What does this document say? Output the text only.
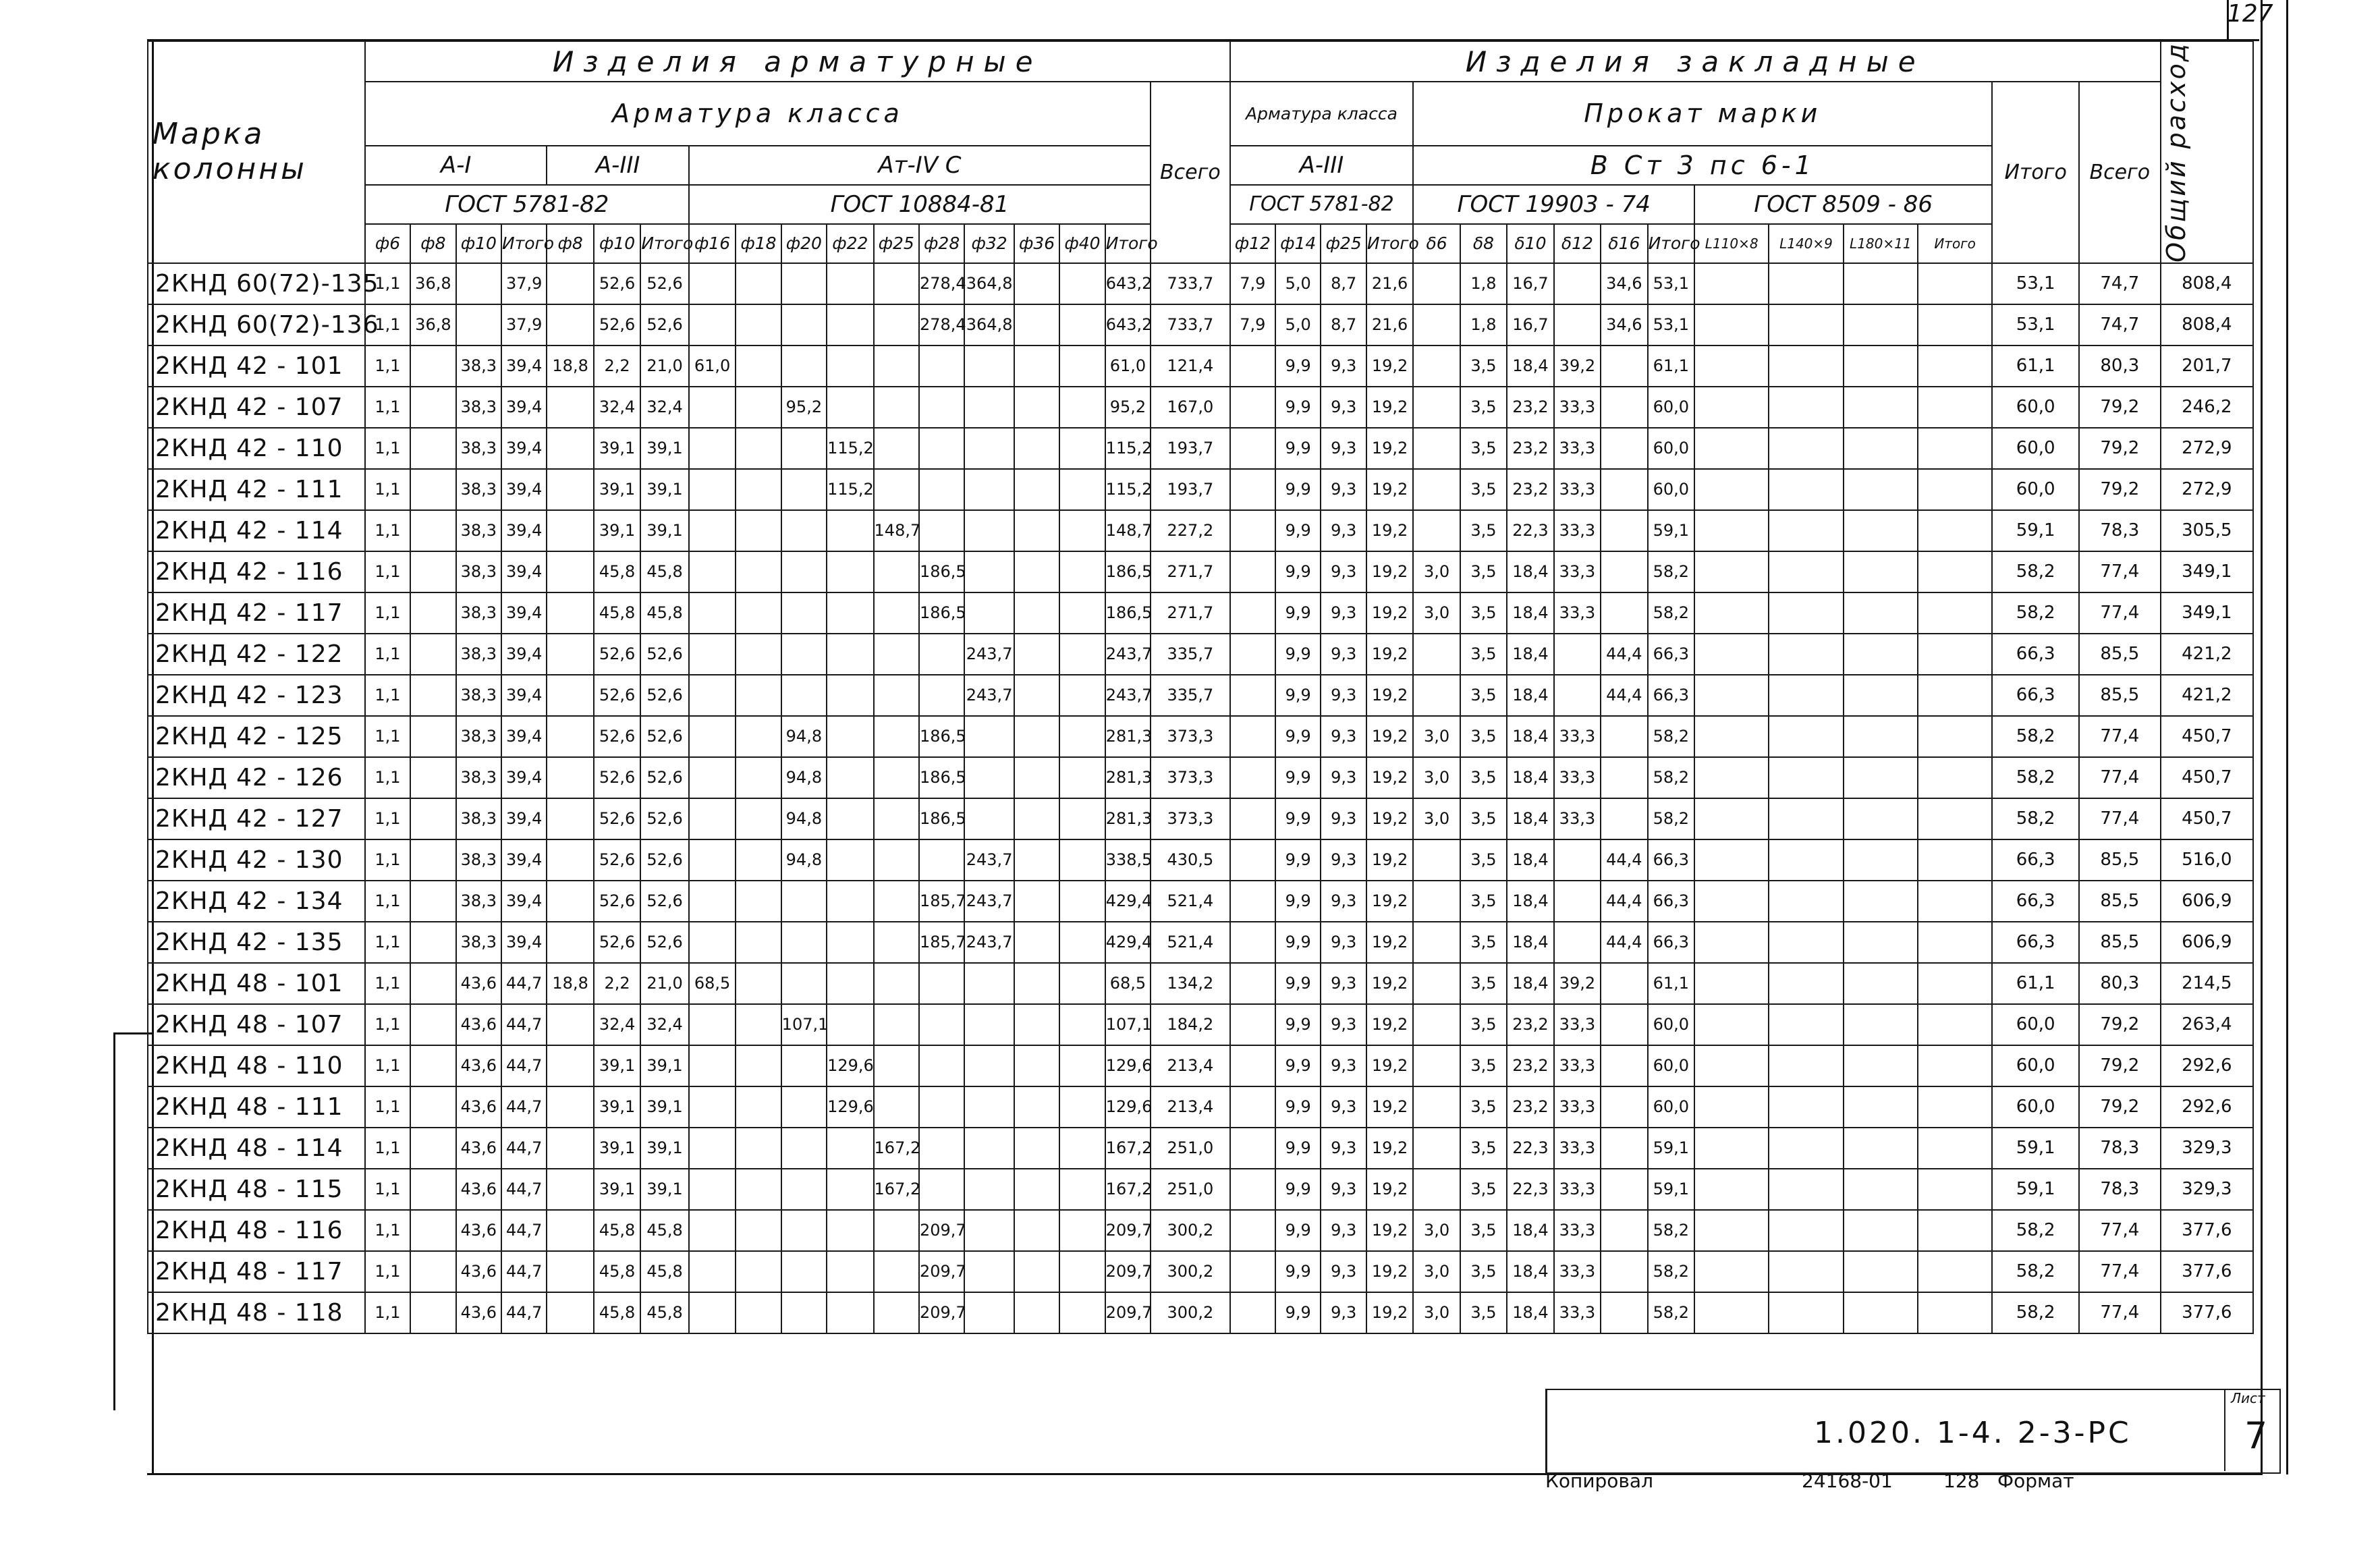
127
Марка колонны	Изделия арматурные																		Изделия закладные																Общий расход

	Арматура класса																	Всего	Арматура класса				Прокат марки										Итого	Всего	
	A-I				A-III			Ат-IV С											A-III				В Ст 3 пс 6-1												
	ГОСТ 5781-82							ГОСТ 10884-81											ГОСТ 5781-82				ГОСТ 19903 - 74						ГОСТ 8509 - 86						
	ф6	ф8	ф10	Итого	ф8	ф10	Итого	ф16	ф18	ф20	ф22	ф25	ф28	ф32	ф36	ф40	Итого		ф12	ф14	ф25	Итого	δ6	δ8	δ10	δ12	δ16	Итого	L110×8	L140×9	L180×11	Итого			
2КНД 60(72)-135	1,1	36,8		37,9		52,6	52,6						278,4	364,8			643,2	733,7	7,9	5,0	8,7	21,6		1,8	16,7		34,6	53,1					53,1	74,7	808,4
2КНД 60(72)-136	1,1	36,8		37,9		52,6	52,6						278,4	364,8			643,2	733,7	7,9	5,0	8,7	21,6		1,8	16,7		34,6	53,1					53,1	74,7	808,4
2КНД 42 - 101	1,1		38,3	39,4	18,8	2,2	21,0	61,0									61,0	121,4		9,9	9,3	19,2		3,5	18,4	39,2		61,1					61,1	80,3	201,7
2КНД 42 - 107	1,1		38,3	39,4		32,4	32,4			95,2							95,2	167,0		9,9	9,3	19,2		3,5	23,2	33,3		60,0					60,0	79,2	246,2
2КНД 42 - 110	1,1		38,3	39,4		39,1	39,1				115,2						115,2	193,7		9,9	9,3	19,2		3,5	23,2	33,3		60,0					60,0	79,2	272,9
2КНД 42 - 111	1,1		38,3	39,4		39,1	39,1				115,2						115,2	193,7		9,9	9,3	19,2		3,5	23,2	33,3		60,0					60,0	79,2	272,9
2КНД 42 - 114	1,1		38,3	39,4		39,1	39,1					148,7					148,7	227,2		9,9	9,3	19,2		3,5	22,3	33,3		59,1					59,1	78,3	305,5
2КНД 42 - 116	1,1		38,3	39,4		45,8	45,8						186,5				186,5	271,7		9,9	9,3	19,2	3,0	3,5	18,4	33,3		58,2					58,2	77,4	349,1
2КНД 42 - 117	1,1		38,3	39,4		45,8	45,8						186,5				186,5	271,7		9,9	9,3	19,2	3,0	3,5	18,4	33,3		58,2					58,2	77,4	349,1
2КНД 42 - 122	1,1		38,3	39,4		52,6	52,6							243,7			243,7	335,7		9,9	9,3	19,2		3,5	18,4		44,4	66,3					66,3	85,5	421,2
2КНД 42 - 123	1,1		38,3	39,4		52,6	52,6							243,7			243,7	335,7		9,9	9,3	19,2		3,5	18,4		44,4	66,3					66,3	85,5	421,2
2КНД 42 - 125	1,1		38,3	39,4		52,6	52,6			94,8			186,5				281,3	373,3		9,9	9,3	19,2	3,0	3,5	18,4	33,3		58,2					58,2	77,4	450,7
2КНД 42 - 126	1,1		38,3	39,4		52,6	52,6			94,8			186,5				281,3	373,3		9,9	9,3	19,2	3,0	3,5	18,4	33,3		58,2					58,2	77,4	450,7
2КНД 42 - 127	1,1		38,3	39,4		52,6	52,6			94,8			186,5				281,3	373,3		9,9	9,3	19,2	3,0	3,5	18,4	33,3		58,2					58,2	77,4	450,7
2КНД 42 - 130	1,1		38,3	39,4		52,6	52,6			94,8				243,7			338,5	430,5		9,9	9,3	19,2		3,5	18,4		44,4	66,3					66,3	85,5	516,0
2КНД 42 - 134	1,1		38,3	39,4		52,6	52,6						185,7	243,7			429,4	521,4		9,9	9,3	19,2		3,5	18,4		44,4	66,3					66,3	85,5	606,9
2КНД 42 - 135	1,1		38,3	39,4		52,6	52,6						185,7	243,7			429,4	521,4		9,9	9,3	19,2		3,5	18,4		44,4	66,3					66,3	85,5	606,9
2КНД 48 - 101	1,1		43,6	44,7	18,8	2,2	21,0	68,5									68,5	134,2		9,9	9,3	19,2		3,5	18,4	39,2		61,1					61,1	80,3	214,5
2КНД 48 - 107	1,1		43,6	44,7		32,4	32,4			107,1							107,1	184,2		9,9	9,3	19,2		3,5	23,2	33,3		60,0					60,0	79,2	263,4
2КНД 48 - 110	1,1		43,6	44,7		39,1	39,1				129,6						129,6	213,4		9,9	9,3	19,2		3,5	23,2	33,3		60,0					60,0	79,2	292,6
2КНД 48 - 111	1,1		43,6	44,7		39,1	39,1				129,6						129,6	213,4		9,9	9,3	19,2		3,5	23,2	33,3		60,0					60,0	79,2	292,6
2КНД 48 - 114	1,1		43,6	44,7		39,1	39,1					167,2					167,2	251,0		9,9	9,3	19,2		3,5	22,3	33,3		59,1					59,1	78,3	329,3
2КНД 48 - 115	1,1		43,6	44,7		39,1	39,1					167,2					167,2	251,0		9,9	9,3	19,2		3,5	22,3	33,3		59,1					59,1	78,3	329,3
2КНД 48 - 116	1,1		43,6	44,7		45,8	45,8						209,7				209,7	300,2		9,9	9,3	19,2	3,0	3,5	18,4	33,3		58,2					58,2	77,4	377,6
2КНД 48 - 117	1,1		43,6	44,7		45,8	45,8						209,7				209,7	300,2		9,9	9,3	19,2	3,0	3,5	18,4	33,3		58,2					58,2	77,4	377,6
2КНД 48 - 118	1,1		43,6	44,7		45,8	45,8						209,7				209,7	300,2		9,9	9,3	19,2	3,0	3,5	18,4	33,3		58,2					58,2	77,4	377,6
1.020. 1-4. 2-3-PC
Лист
7
Копировал	24168-01	128 Формат
